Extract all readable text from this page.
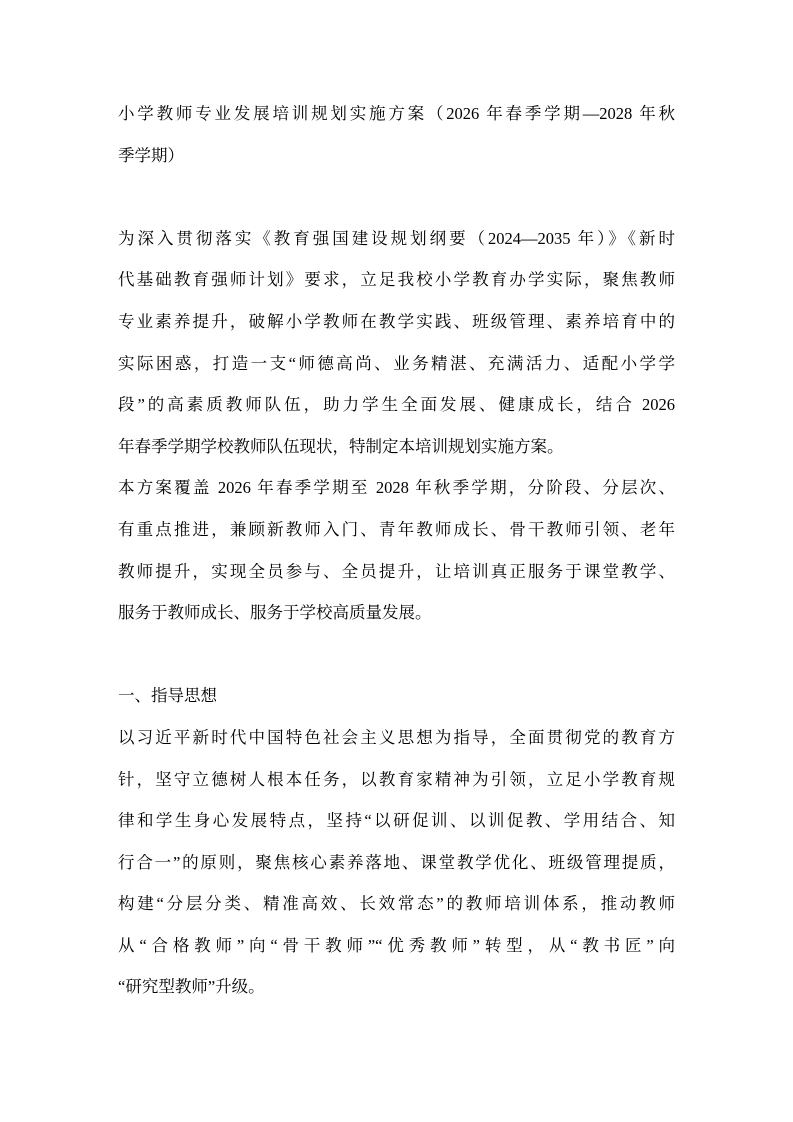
小学教师专业发展培训规划实施方案（2026 年春季学期—2028 年秋
季学期）
为深入贯彻落实《教育强国建设规划纲要（2024—2035 年）》《新时
代基础教育强师计划》要求，立足我校小学教育办学实际，聚焦教师
专业素养提升，破解小学教师在教学实践、班级管理、素养培育中的
实际困惑，打造一支“师德高尚、业务精湛、充满活力、适配小学学
段”的高素质教师队伍，助力学生全面发展、健康成长，结合 2026
年春季学期学校教师队伍现状，特制定本培训规划实施方案。
本方案覆盖 2026 年春季学期至 2028 年秋季学期，分阶段、分层次、
有重点推进，兼顾新教师入门、青年教师成长、骨干教师引领、老年
教师提升，实现全员参与、全员提升，让培训真正服务于课堂教学、
服务于教师成长、服务于学校高质量发展。
一、指导思想
以习近平新时代中国特色社会主义思想为指导，全面贯彻党的教育方
针，坚守立德树人根本任务，以教育家精神为引领，立足小学教育规
律和学生身心发展特点，坚持“以研促训、以训促教、学用结合、知
行合一”的原则，聚焦核心素养落地、课堂教学优化、班级管理提质，
构建“分层分类、精准高效、长效常态”的教师培训体系，推动教师
从“合格教师”向“骨干教师”“优秀教师”转型，从“教书匠”向
“研究型教师”升级。
